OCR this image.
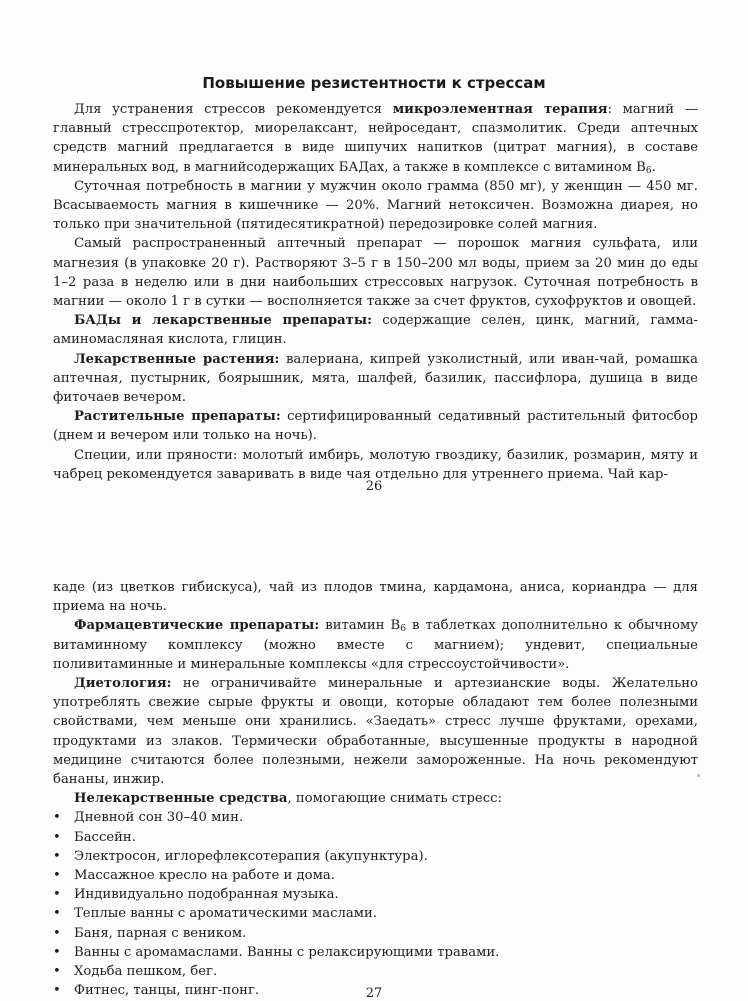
Повышение резистентности к стрессам

Для устранения стрессов рекомендуется микроэлементная терапия: магний — главный стресспротектор, миорелаксант, нейроседант, спазмолитик. Среди аптечных средств магний предлагается в виде шипучих напитков (цитрат магния), в составе минеральных вод, в магнийсодержащих БАДах, а также в комплексе с витамином $В_6$.

Суточная потребность в магнии у мужчин около грамма (850 мг), у женщин — 450 мг. Всасываемость магния в кишечнике — 20%. Магний нетоксичен. Возможна диарея, но только при значительной (пятидесятикратной) передозировке солей магния.

Самый распространенный аптечный препарат — порошок магния сульфата, или магнезия (в упаковке 20 г). Растворяют 3–5 г в 150–200 мл воды, прием за 20 мин до еды 1–2 раза в неделю или в дни наибольших стрессовых нагрузок. Суточная потребность в магнии — около 1 г в сутки — восполняется также за счет фруктов, сухофруктов и овощей.

БАДы и лекарственные препараты: содержащие селен, цинк, магний, гамма-аминомасляная кислота, глицин.

Лекарственные растения: валериана, кипрей узколистный, или иван-чай, ромашка аптечная, пустырник, боярышник, мята, шалфей, базилик, пассифлора, душица в виде фиточаев вечером.

Растительные препараты: сертифицированный седативный растительный фитосбор (днем и вечером или только на ночь).

Специи, или пряности: молотый имбирь, молотую гвоздику, базилик, розмарин, мяту и чабрец рекомендуется заваривать в виде чая отдельно для утреннего приема. Чай кар-

26

каде (из цветков гибискуса), чай из плодов тмина, кардамона, аниса, кориандра — для приема на ночь.

Фармацевтические препараты: витамин $В_6$ в таблетках дополнительно к обычному витаминному комплексу (можно вместе с магнием); ундевит, специальные поливитаминные и минеральные комплексы «для стрессоустойчивости».

Диетология: не ограничивайте минеральные и артезианские воды. Желательно употреблять свежие сырые фрукты и овощи, которые обладают тем более полезными свойствами, чем меньше они хранились. «Заедать» стресс лучше фруктами, орехами, продуктами из злаков. Термически обработанные, высушенные продукты в народной медицине считаются более полезными, нежели замороженные. На ночь рекомендуют бананы, инжир.

Нелекарственные средства, помогающие снимать стресс:

• Дневной сон 30–40 мин.
• Бассейн.
• Электросон, иглорефлексотерапия (акупунктура).
• Массажное кресло на работе и дома.
• Индивидуально подобранная музыка.
• Теплые ванны с ароматическими маслами.
• Баня, парная с веником.
• Ванны с аромамаслами. Ванны с релаксирующими травами.
• Ходьба пешком, бег.
• Фитнес, танцы, пинг-понг.	27
